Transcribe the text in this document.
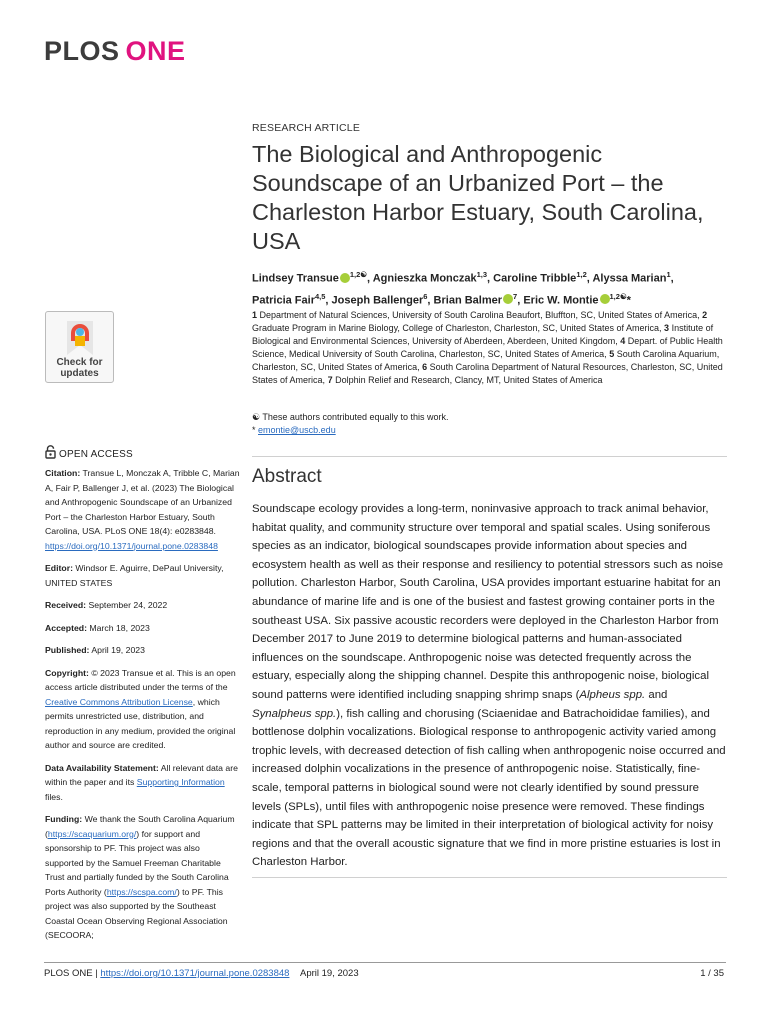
PLOS ONE
RESEARCH ARTICLE
The Biological and Anthropogenic Soundscape of an Urbanized Port – the Charleston Harbor Estuary, South Carolina, USA
Lindsey Transue $^{1,2☯}$, Agnieszka Monczak$^{1,3}$, Caroline Tribble$^{1,2}$, Alyssa Marian$^1$,
Patricia Fair$^{4,5}$, Joseph Ballenger$^6$, Brian Balmer $^7$, Eric W. Montie $^{1,2☯}$*
1 Department of Natural Sciences, University of South Carolina Beaufort, Bluffton, SC, United States of America, 2 Graduate Program in Marine Biology, College of Charleston, Charleston, SC, United States of America, 3 Institute of Biological and Environmental Sciences, University of Aberdeen, Aberdeen, United Kingdom, 4 Depart. of Public Health Science, Medical University of South Carolina, Charleston, SC, United States of America, 5 South Carolina Aquarium, Charleston, SC, United States of America, 6 South Carolina Department of Natural Resources, Charleston, SC, United States of America, 7 Dolphin Relief and Research, Clancy, MT, United States of America
☯ These authors contributed equally to this work.
* emontie@uscb.edu
Check for
updates
OPEN ACCESS

Citation: Transue L, Monczak A, Tribble C, Marian A, Fair P, Ballenger J, et al. (2023) The Biological and Anthropogenic Soundscape of an Urbanized Port – the Charleston Harbor Estuary, South Carolina, USA. PLoS ONE 18(4): e0283848. https://doi.org/10.1371/journal.pone.0283848

Editor: Windsor E. Aguirre, DePaul University, UNITED STATES

Received: September 24, 2022

Accepted: March 18, 2023

Published: April 19, 2023

Copyright: © 2023 Transue et al. This is an open access article distributed under the terms of the Creative Commons Attribution License, which permits unrestricted use, distribution, and reproduction in any medium, provided the original author and source are credited.

Data Availability Statement: All relevant data are within the paper and its Supporting Information files.

Funding: We thank the South Carolina Aquarium (https://scaquarium.org/) for support and sponsorship to PF. This project was also supported by the Samuel Freeman Charitable Trust and partially funded by the South Carolina Ports Authority (https://scspa.com/) to PF. This project was also supported by the Southeast Coastal Ocean Observing Regional Association (SECOORA;

Abstract
Soundscape ecology provides a long-term, noninvasive approach to track animal behavior, habitat quality, and community structure over temporal and spatial scales. Using soniferous species as an indicator, biological soundscapes provide information about species and ecosystem health as well as their response and resiliency to potential stressors such as noise pollution. Charleston Harbor, South Carolina, USA provides important estuarine habitat for an abundance of marine life and is one of the busiest and fastest growing container ports in the southeast USA. Six passive acoustic recorders were deployed in the Charleston Harbor from December 2017 to June 2019 to determine biological patterns and human-associated influences on the soundscape. Anthropogenic noise was detected frequently across the estuary, especially along the shipping channel. Despite this anthropogenic noise, biological sound patterns were identified including snapping shrimp snaps (Alpheus spp. and Synalpheus spp.), fish calling and chorusing (Sciaenidae and Batrachoididae families), and bottlenose dolphin vocalizations. Biological response to anthropogenic activity varied among trophic levels, with decreased detection of fish calling when anthropogenic noise occurred and increased dolphin vocalizations in the presence of anthropogenic noise. Statistically, fine-scale, temporal patterns in biological sound were not clearly identified by sound pressure levels (SPLs), until files with anthropogenic noise presence were removed. These findings indicate that SPL patterns may be limited in their interpretation of biological activity for noisy regions and that the overall acoustic signature that we find in more pristine estuaries is lost in Charleston Harbor.
PLOS ONE | https://doi.org/10.1371/journal.pone.0283848 April 19, 2023	1 / 35
